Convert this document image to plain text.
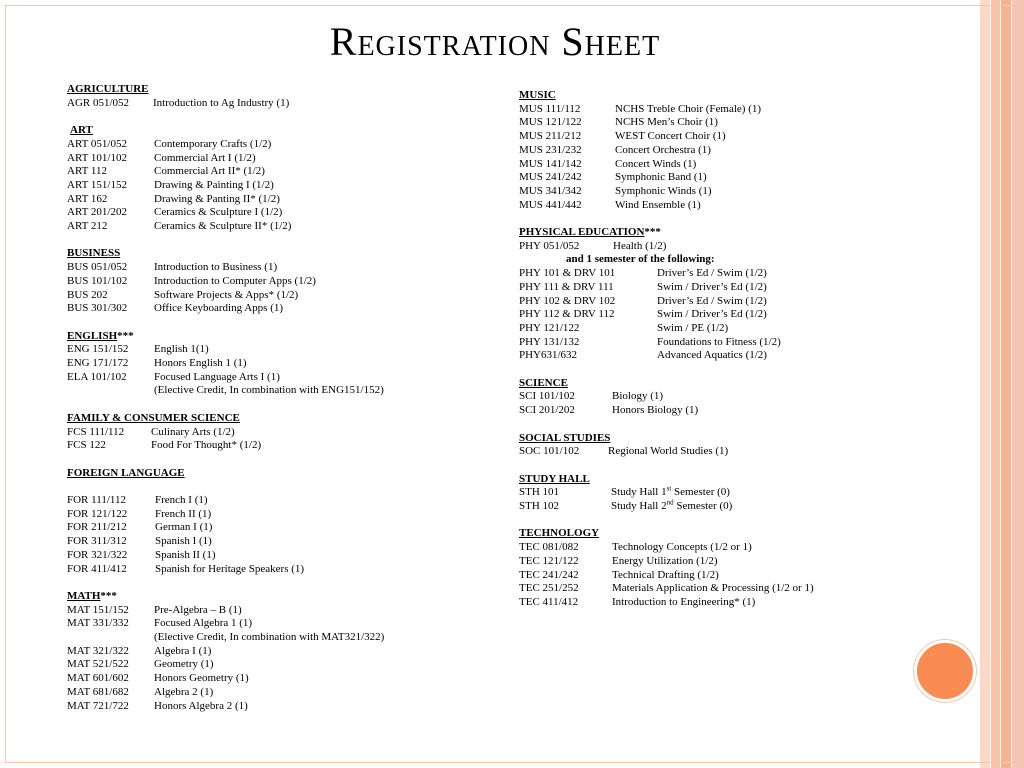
Registration Sheet
AGRICULTURE
AGR 051/052 Introduction to Ag Industry (1)
ART
ART 051/052 Contemporary Crafts (1/2)
ART 101/102 Commercial Art I (1/2)
ART 112	Commercial Art II* (1/2)
ART 151/152 Drawing & Painting I (1/2)
ART 162	Drawing & Panting II* (1/2)
ART 201/202 Ceramics & Sculpture I (1/2)
ART 212	Ceramics & Sculpture II* (1/2)
BUSINESS
BUS 051/052 Introduction to Business (1)
BUS 101/102 Introduction to Computer Apps (1/2)
BUS 202	Software Projects & Apps* (1/2)
BUS 301/302 Office Keyboarding Apps (1)
ENGLISH***
ENG 151/152 English 1(1)
ENG 171/172 Honors English 1 (1)
ELA 101/102 Focused Language Arts I (1)
(Elective Credit, In combination with ENG151/152)
FAMILY & CONSUMER SCIENCE
FCS 111/112 Culinary Arts (1/2)
FCS 122	Food For Thought* (1/2)
FOREIGN LANGUAGE
FOR 111/112	French I (1)
FOR 121/122	French II (1)
FOR 211/212	German I (1)
FOR 311/312	Spanish I (1)
FOR 321/322	Spanish II (1)
FOR 411/412	Spanish for Heritage Speakers (1)
MATH***
MAT 151/152 Pre-Algebra – B (1)
MAT 331/332 Focused Algebra 1 (1)
(Elective Credit, In combination with MAT321/322)
MAT 321/322 Algebra I (1)
MAT 521/522 Geometry (1)
MAT 601/602 Honors Geometry (1)
MAT 681/682 Algebra 2 (1)
MAT 721/722 Honors Algebra 2 (1)
MUSIC
MUS 111/112	NCHS Treble Choir (Female) (1)
MUS 121/122	NCHS Men’s Choir (1)
MUS 211/212	WEST Concert Choir (1)
MUS 231/232	Concert Orchestra (1)
MUS 141/142	Concert Winds (1)
MUS 241/242	Symphonic Band (1)
MUS 341/342	Symphonic Winds (1)
MUS 441/442	Wind Ensemble (1)
PHYSICAL EDUCATION***
PHY 051/052	Health (1/2)
and 1 semester of the following:
PHY 101 & DRV 101	Driver’s Ed / Swim (1/2)
PHY 111 & DRV 111	Swim / Driver’s Ed (1/2)
PHY 102 & DRV 102	Driver’s Ed / Swim (1/2)
PHY 112 & DRV 112	Swim / Driver’s Ed (1/2)
PHY 121/122	Swim / PE (1/2)
PHY 131/132	Foundations to Fitness (1/2)
PHY631/632	Advanced Aquatics (1/2)
SCIENCE
SCI 101/102	Biology (1)
SCI 201/202	Honors Biology (1)
SOCIAL STUDIES
SOC 101/102	Regional World Studies (1)
STUDY HALL
STH 101	Study Hall 1st Semester (0)
STH 102	Study Hall 2nd Semester (0)
TECHNOLOGY
TEC 081/082	Technology Concepts (1/2 or 1)
TEC 121/122	Energy Utilization (1/2)
TEC 241/242	Technical Drafting (1/2)
TEC 251/252	Materials Application & Processing (1/2 or 1)
TEC 411/412	Introduction to Engineering* (1)
